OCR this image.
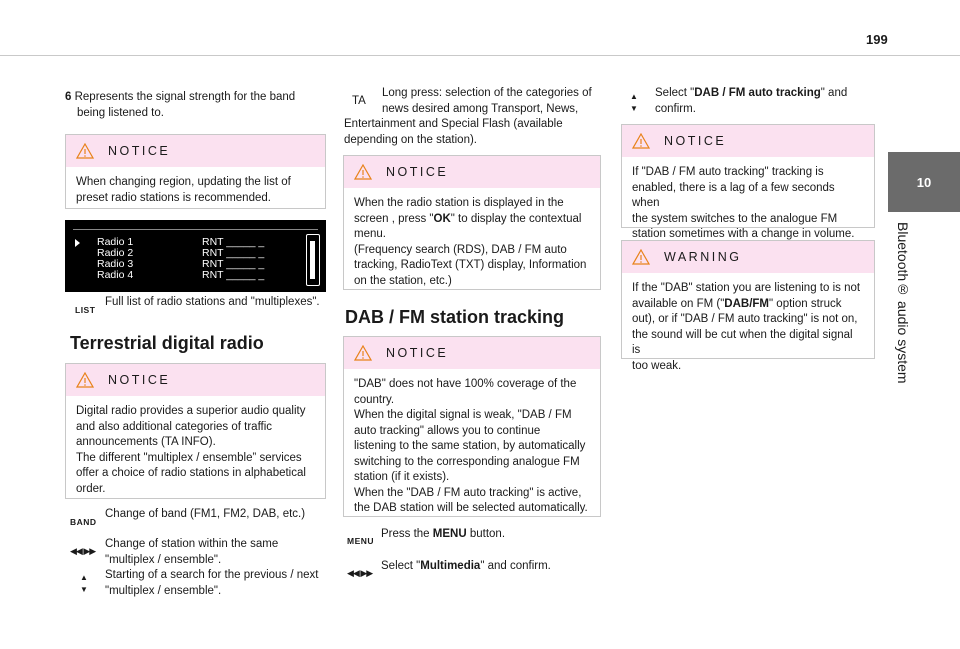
199
10
Bluetooth® audio system
6 Represents the signal strength for the band
being listened to.
NOTICE
When changing region, updating the list of
preset radio stations is recommended.
Radio 1
Radio 2
Radio 3
Radio 4
RNT _____ _
RNT _____ _
RNT _____ _
RNT _____ _
LIST
Full list of radio stations and "multiplexes".
Terrestrial digital radio
NOTICE
Digital radio provides a superior audio quality
and also additional categories of traffic
announcements (TA INFO).
The different "multiplex / ensemble” services
offer a choice of radio stations in alphabetical
order.
BAND
Change of band (FM1, FM2, DAB, etc.)
◀◀ ▶▶
Change of station within the same
"multiplex / ensemble".
▲
▼
Starting of a search for the previous / next
"multiplex / ensemble".
TA
Long press: selection of the categories of
news desired among Transport, News,
Entertainment and Special Flash (available
depending on the station).
NOTICE
When the radio station is displayed in the
screen , press "OK" to display the contextual
menu.
(Frequency search (RDS), DAB / FM auto
tracking, RadioText (TXT) display, Information
on the station, etc.)
DAB / FM station tracking
NOTICE
"DAB" does not have 100% coverage of the
country.
When the digital signal is weak, "DAB / FM
auto tracking" allows you to continue
listening to the same station, by automatically
switching to the corresponding analogue FM
station (if it exists).
When the "DAB / FM auto tracking" is active,
the DAB station will be selected automatically.
MENU
Press the MENU button.
◀◀ ▶▶
Select "Multimedia" and confirm.
▲
▼
Select "DAB / FM auto tracking" and
confirm.
NOTICE
If "DAB / FM auto tracking" tracking is
enabled, there is a lag of a few seconds when
the system switches to the analogue FM
station sometimes with a change in volume.
WARNING
If the "DAB" station you are listening to is not
available on FM ("DAB/FM" option struck
out), or if "DAB / FM auto tracking" is not on,
the sound will be cut when the digital signal is
too weak.
